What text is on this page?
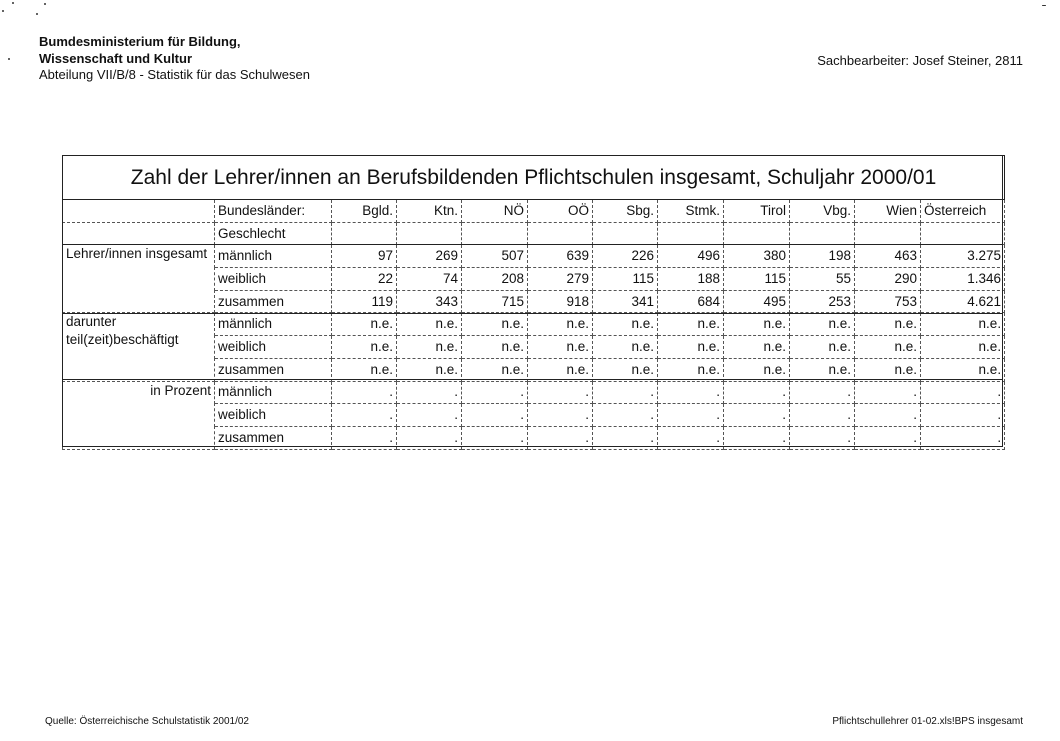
Bumdesministerium für Bildung,
Wissenschaft und Kultur
Abteilung VII/B/8 - Statistik für das Schulwesen
Sachbearbeiter: Josef Steiner, 2811
Zahl der Lehrer/innen an Berufsbildenden Pflichtschulen insgesamt, Schuljahr 2000/01											
	Bundesländer:	Bgld.	Ktn.	NÖ	OÖ	Sbg.	Stmk.	Tirol	Vbg.	Wien	Österreich
	Geschlecht										
Lehrer/innen insgesamt	männlich	97	269	507	639	226	496	380	198	463	3.275
	weiblich	22	74	208	279	115	188	115	55	290	1.346
	zusammen	119	343	715	918	341	684	495	253	753	4.621
darunter teil(zeit)beschäftigt	männlich	n.e.	n.e.	n.e.	n.e.	n.e.	n.e.	n.e.	n.e.	n.e.	n.e.
	weiblich	n.e.	n.e.	n.e.	n.e.	n.e.	n.e.	n.e.	n.e.	n.e.	n.e.
	zusammen	n.e.	n.e.	n.e.	n.e.	n.e.	n.e.	n.e.	n.e.	n.e.	n.e.
in Prozent	männlich	.	.	.	.	.	.	.	.	.	.
	weiblich	.	.	.	.	.	.	.	.	.	.
	zusammen	.	.	.	.	.	.	.	.	.	.
Quelle: Österreichische Schulstatistik 2001/02	Pflichtschullehrer 01-02.xls!BPS insgesamt
